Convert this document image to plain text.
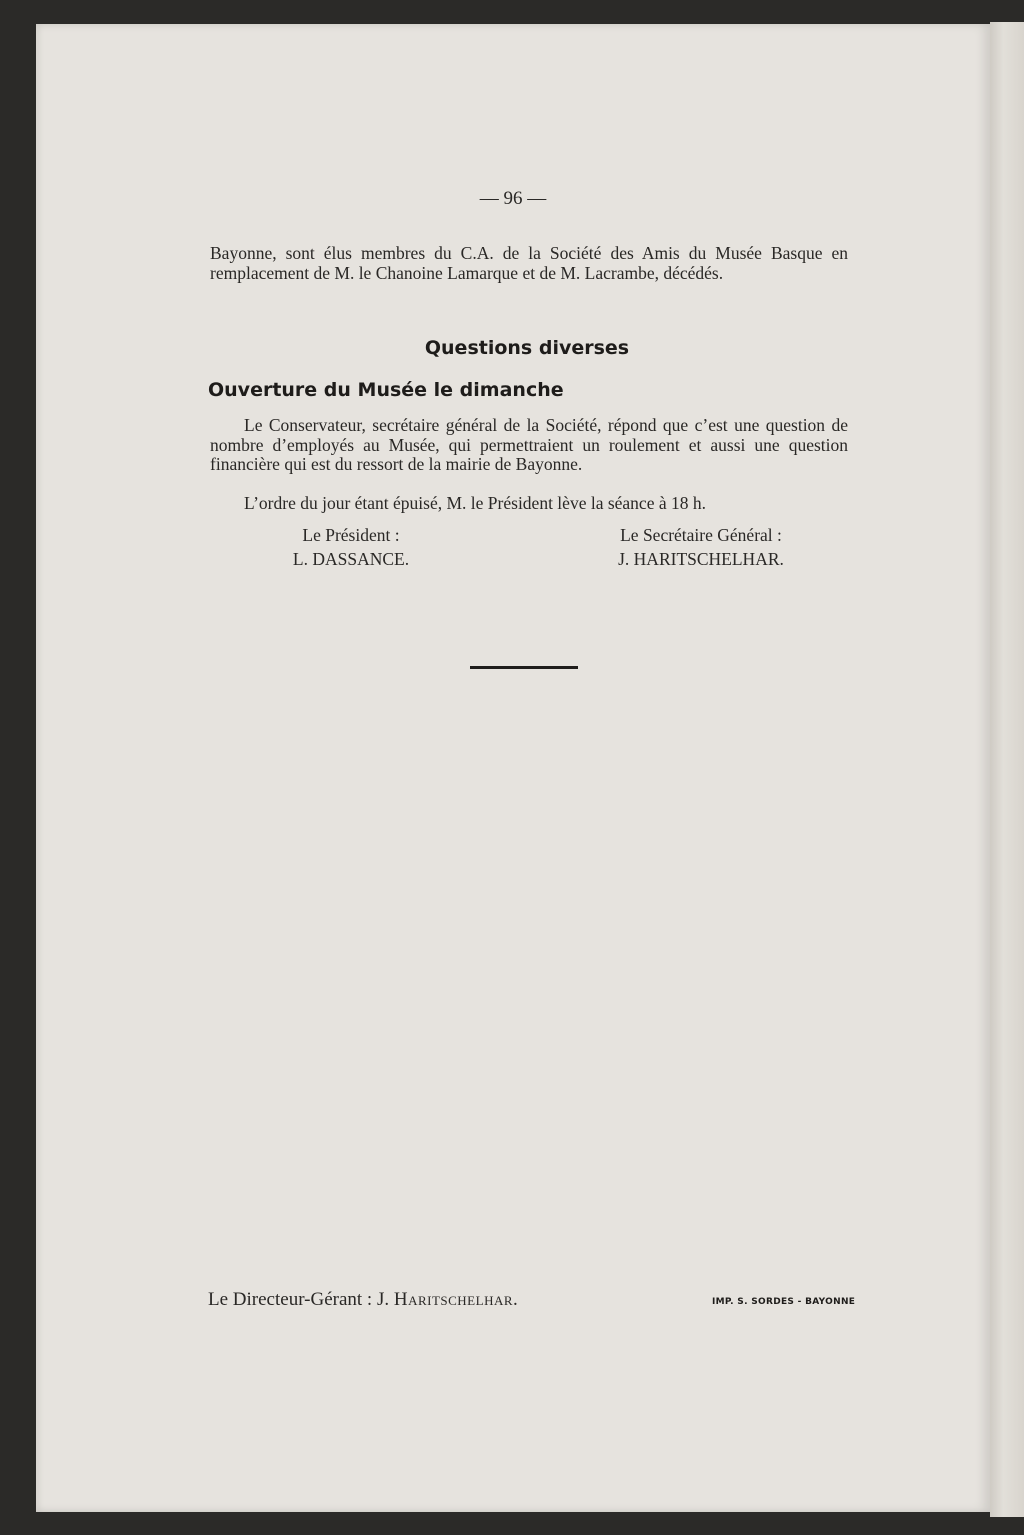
— 96 —
Bayonne, sont élus membres du C.A. de la Société des Amis du Musée Basque en remplacement de M. le Chanoine Lamarque et de M. Lacrambe, décédés.
Questions diverses
Ouverture du Musée le dimanche
Le Conservateur, secrétaire général de la Société, répond que c’est une question de nombre d’employés au Musée, qui permettraient un roulement et aussi une question financière qui est du ressort de la mairie de Bayonne.
L’ordre du jour étant épuisé, M. le Président lève la séance à 18 h.
Le Président :
L. DASSANCE.
Le Secrétaire Général :
J. HARITSCHELHAR.
Le Directeur-Gérant : J. Haritschelhar.	IMP. S. SORDES - BAYONNE
